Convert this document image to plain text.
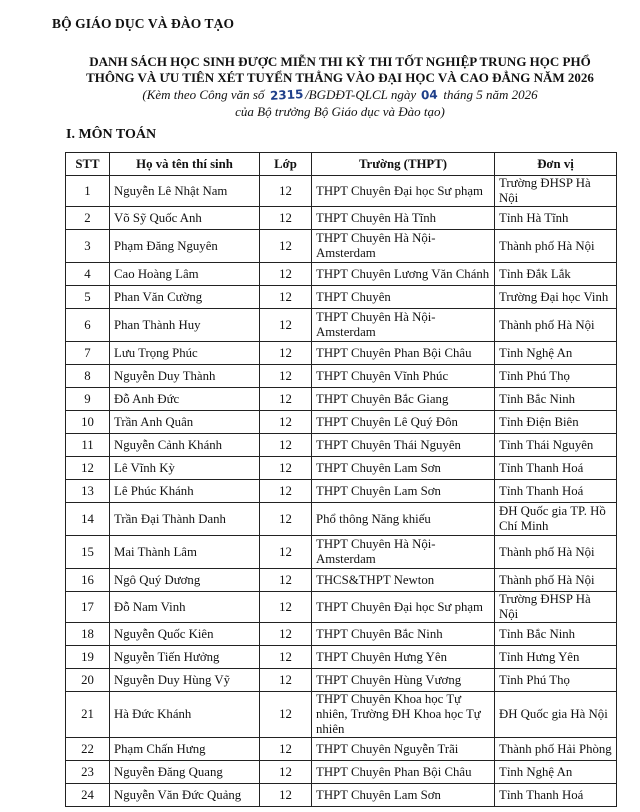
BỘ GIÁO DỤC VÀ ĐÀO TẠO
DANH SÁCH HỌC SINH ĐƯỢC MIỄN THI KỲ THI TỐT NGHIỆP TRUNG HỌC PHỔ
THÔNG VÀ ƯU TIÊN XÉT TUYỂN THẲNG VÀO ĐẠI HỌC VÀ CAO ĐẲNG NĂM 2026
(Kèm theo Công văn số 2315 /BGDĐT-QLCL ngày 04 tháng 5 năm 2026
của Bộ trưởng Bộ Giáo dục và Đào tạo)
I. MÔN TOÁN
STT	Họ và tên thí sinh	Lớp	Trường (THPT)	Đơn vị
1	Nguyễn Lê Nhật Nam	12	THPT Chuyên Đại học Sư phạm	Trường ĐHSP Hà Nội
2	Võ Sỹ Quốc Anh	12	THPT Chuyên Hà Tĩnh	Tỉnh Hà Tĩnh
3	Phạm Đăng Nguyên	12	THPT Chuyên Hà Nội-Amsterdam	Thành phố Hà Nội
4	Cao Hoàng Lâm	12	THPT Chuyên Lương Văn Chánh	Tỉnh Đắk Lắk
5	Phan Văn Cường	12	THPT Chuyên	Trường Đại học Vinh
6	Phan Thành Huy	12	THPT Chuyên Hà Nội-Amsterdam	Thành phố Hà Nội
7	Lưu Trọng Phúc	12	THPT Chuyên Phan Bội Châu	Tỉnh Nghệ An
8	Nguyễn Duy Thành	12	THPT Chuyên Vĩnh Phúc	Tỉnh Phú Thọ
9	Đỗ Anh Đức	12	THPT Chuyên Bắc Giang	Tỉnh Bắc Ninh
10	Trần Anh Quân	12	THPT Chuyên Lê Quý Đôn	Tỉnh Điện Biên
11	Nguyễn Cảnh Khánh	12	THPT Chuyên Thái Nguyên	Tỉnh Thái Nguyên
12	Lê Vĩnh Kỳ	12	THPT Chuyên Lam Sơn	Tỉnh Thanh Hoá
13	Lê Phúc Khánh	12	THPT Chuyên Lam Sơn	Tỉnh Thanh Hoá
14	Trần Đại Thành Danh	12	Phổ thông Năng khiếu	ĐH Quốc gia TP. Hồ Chí Minh
15	Mai Thành Lâm	12	THPT Chuyên Hà Nội-Amsterdam	Thành phố Hà Nội
16	Ngô Quý Dương	12	THCS&THPT Newton	Thành phố Hà Nội
17	Đỗ Nam Vinh	12	THPT Chuyên Đại học Sư phạm	Trường ĐHSP Hà Nội
18	Nguyễn Quốc Kiên	12	THPT Chuyên Bắc Ninh	Tỉnh Bắc Ninh
19	Nguyễn Tiến Hưởng	12	THPT Chuyên Hưng Yên	Tỉnh Hưng Yên
20	Nguyễn Duy Hùng Vỹ	12	THPT Chuyên Hùng Vương	Tỉnh Phú Thọ
21	Hà Đức Khánh	12	THPT Chuyên Khoa học Tự nhiên, Trường ĐH Khoa học Tự nhiên	ĐH Quốc gia Hà Nội
22	Phạm Chấn Hưng	12	THPT Chuyên Nguyễn Trãi	Thành phố Hải Phòng
23	Nguyễn Đăng Quang	12	THPT Chuyên Phan Bội Châu	Tỉnh Nghệ An
24	Nguyễn Văn Đức Quảng	12	THPT Chuyên Lam Sơn	Tỉnh Thanh Hoá
